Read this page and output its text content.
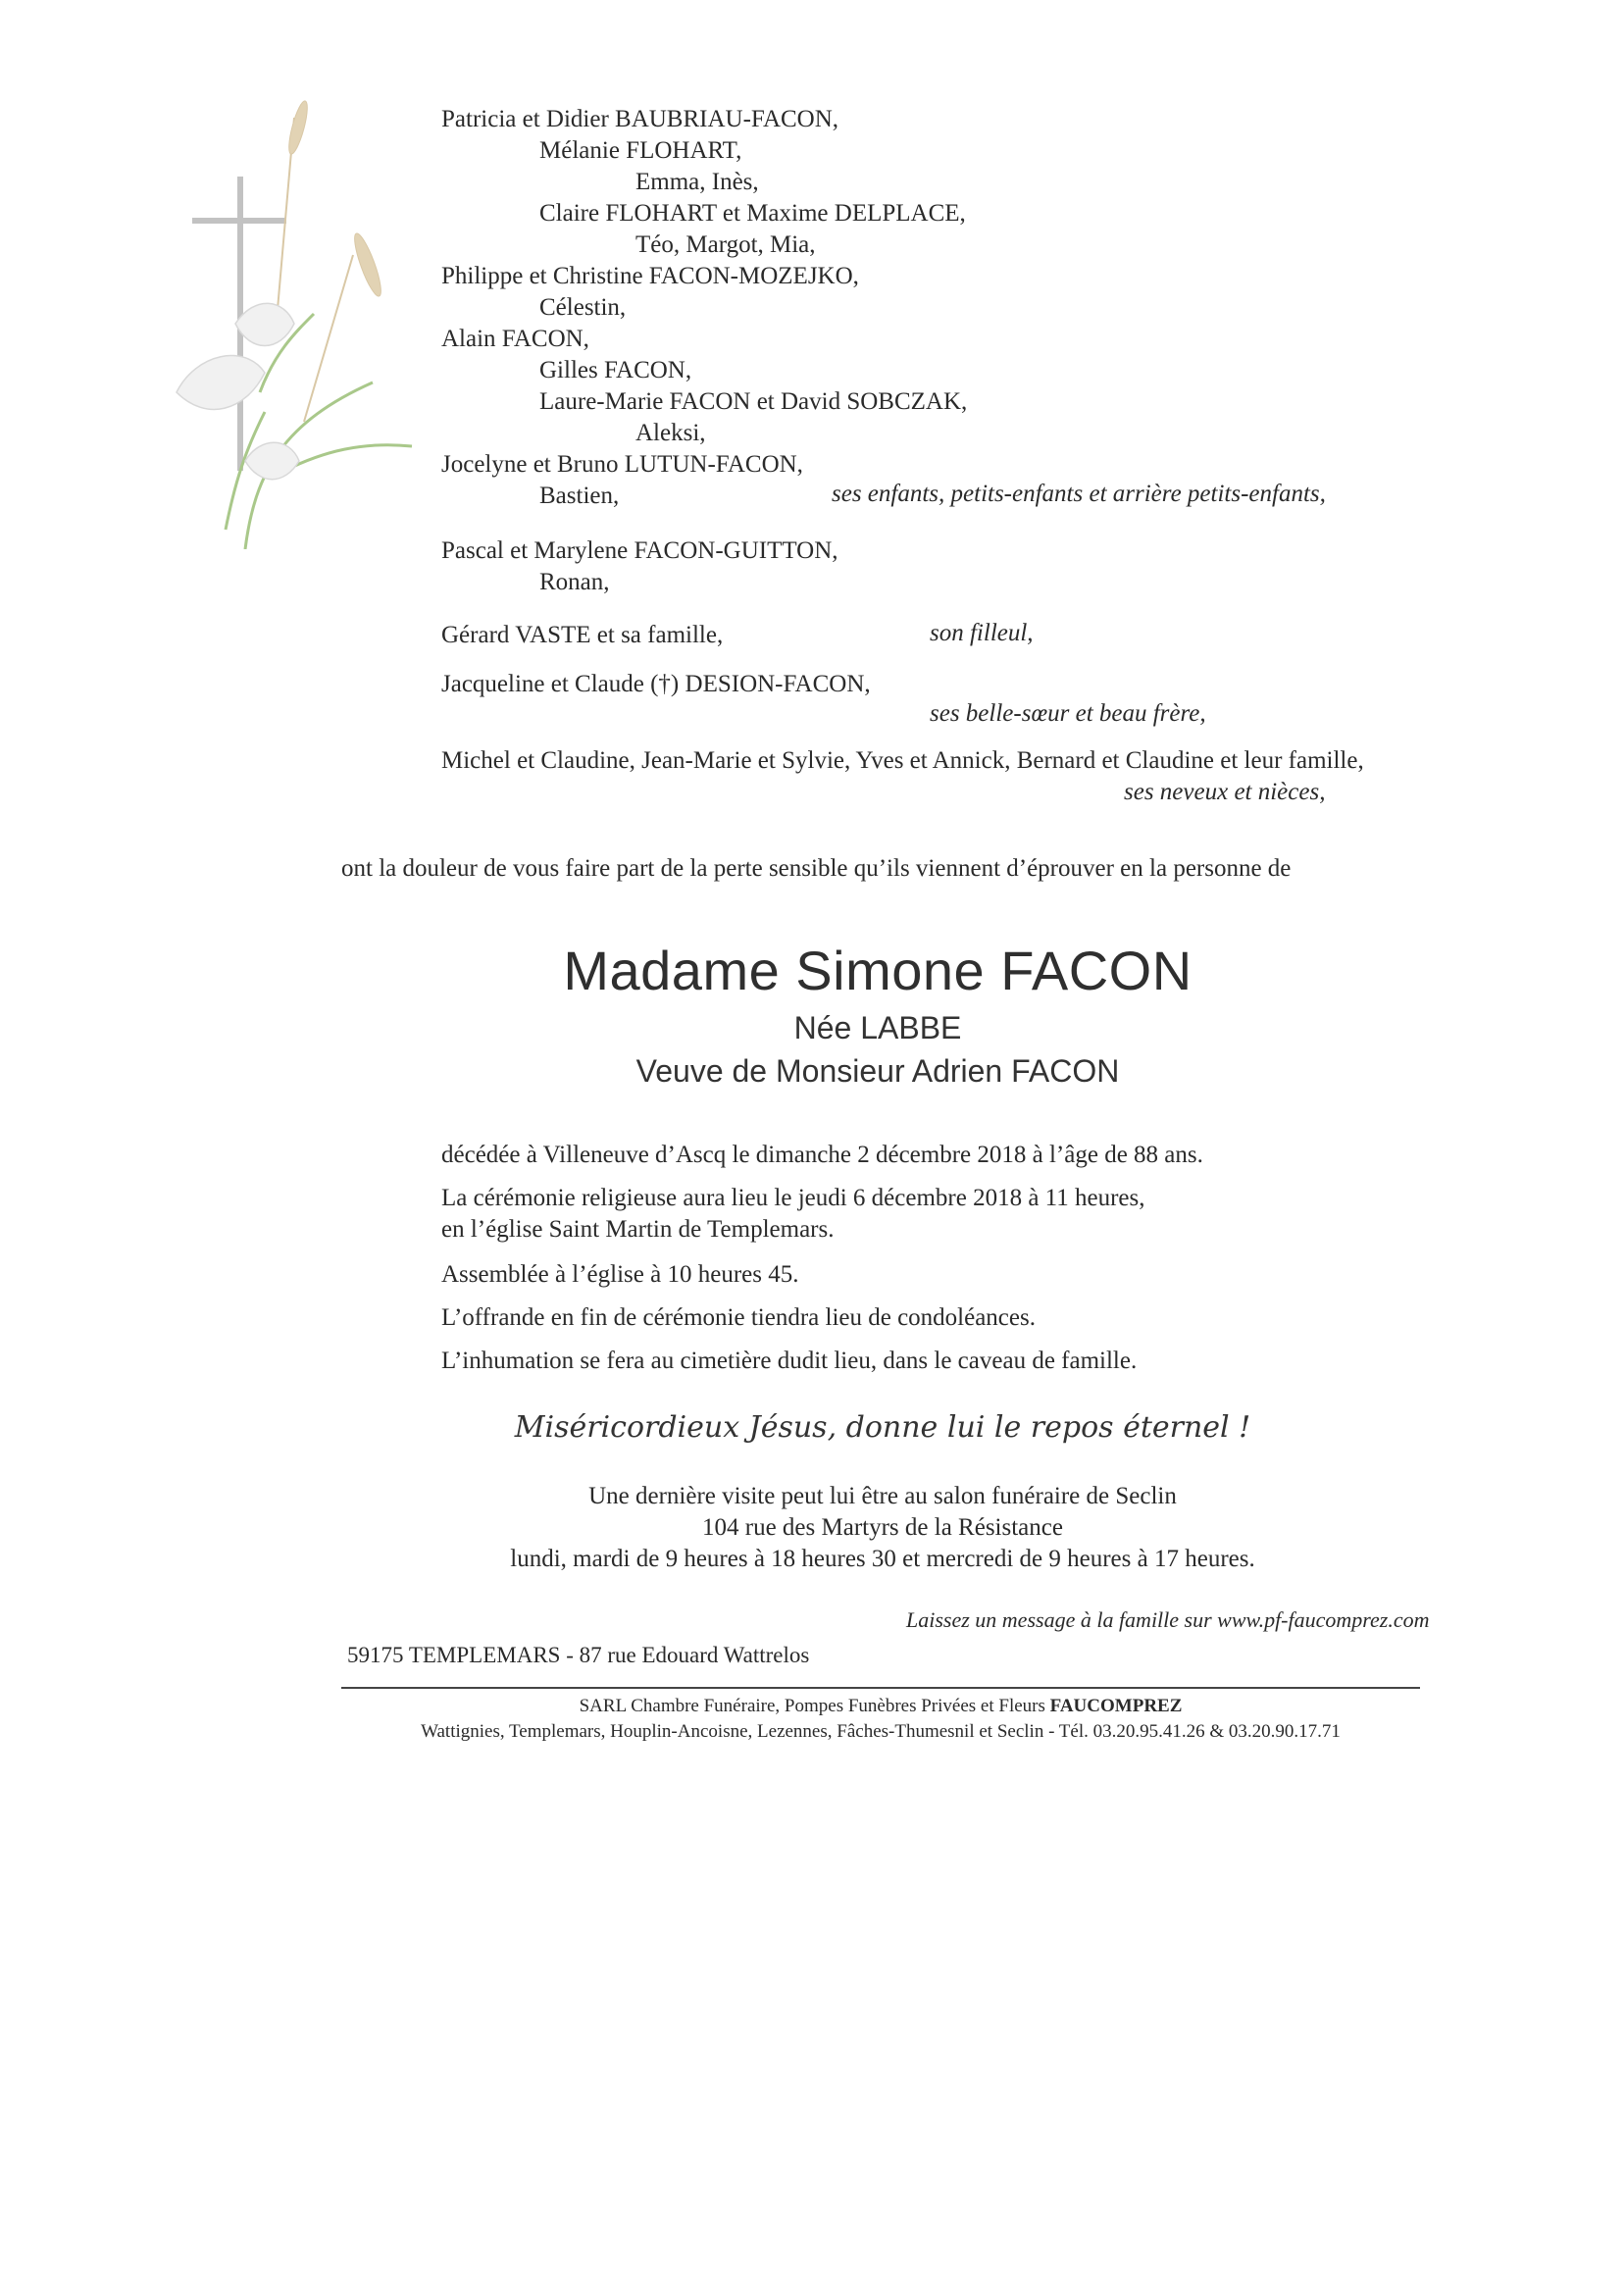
Patricia et Didier BAUBRIAU-FACON,
Mélanie FLOHART,
Emma, Inès,
Claire FLOHART et Maxime DELPLACE,
Téo, Margot, Mia,
Philippe et Christine FACON-MOZEJKO,
Célestin,
Alain FACON,
Gilles FACON,
Laure-Marie FACON et David SOBCZAK,
Aleksi,
Jocelyne et Bruno LUTUN-FACON,
Bastien,	ses enfants, petits-enfants et arrière petits-enfants,
Pascal et Marylene FACON-GUITTON,
Ronan,
Gérard VASTE et sa famille,	son filleul,
Jacqueline et Claude (†) DESION-FACON,
ses belle-sœur et beau frère,
Michel et Claudine, Jean-Marie et Sylvie, Yves et Annick, Bernard et Claudine et leur famille,
ses neveux et nièces,
ont la douleur de vous faire part de la perte sensible qu’ils viennent d’éprouver en la personne de
Madame Simone FACON
Née LABBE
Veuve de Monsieur Adrien FACON
décédée à Villeneuve d’Ascq le dimanche 2 décembre 2018 à l’âge de 88 ans.
La cérémonie religieuse aura lieu le jeudi 6 décembre 2018 à 11 heures,
en l’église Saint Martin de Templemars.
Assemblée à l’église à 10 heures 45.
L’offrande en fin de cérémonie tiendra lieu de condoléances.
L’inhumation se fera au cimetière dudit lieu, dans le caveau de famille.
Miséricordieux Jésus, donne lui le repos éternel !
Une dernière visite peut lui être au salon funéraire de Seclin
104 rue des Martyrs de la Résistance
lundi, mardi de 9 heures à 18 heures 30 et mercredi de 9 heures à 17 heures.
Laissez un message à la famille sur www.pf-faucomprez.com
59175 TEMPLEMARS - 87 rue Edouard Wattrelos
SARL Chambre Funéraire, Pompes Funèbres Privées et Fleurs FAUCOMPREZ
Wattignies, Templemars, Houplin-Ancoisne, Lezennes, Fâches-Thumesnil et Seclin - Tél. 03.20.95.41.26 & 03.20.90.17.71
